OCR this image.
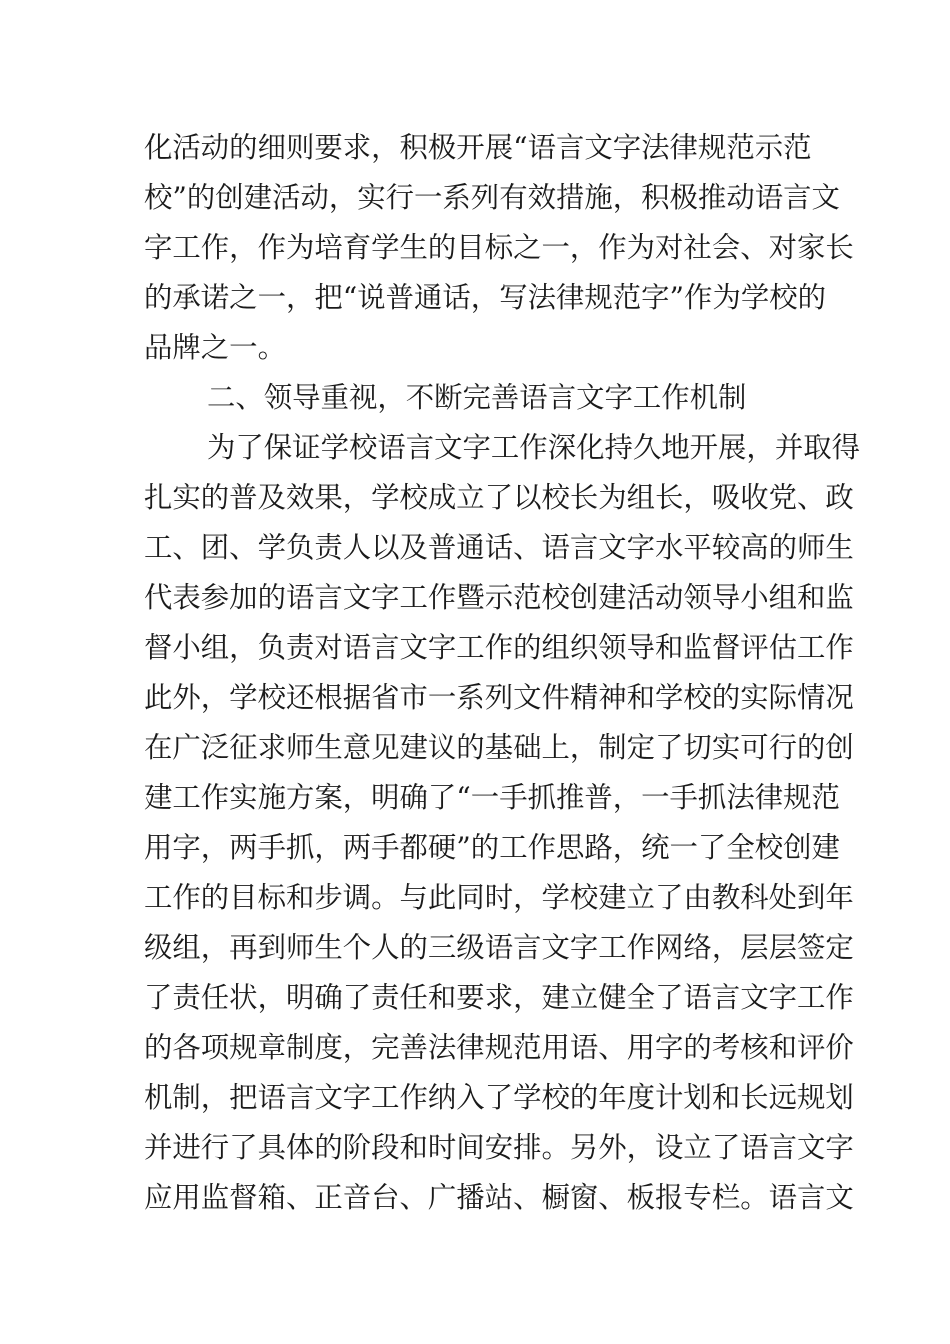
化活动的细则要求，积极开展“语言文字法律规范示范
校”的创建活动，实行一系列有效措施，积极推动语言文
字工作，作为培育学生的目标之一，作为对社会、对家长
的承诺之一，把“说普通话，写法律规范字”作为学校的
品牌之一。
二、领导重视，不断完善语言文字工作机制
为了保证学校语言文字工作深化持久地开展，并取得
扎实的普及效果，学校成立了以校长为组长，吸收党、政
工、团、学负责人以及普通话、语言文字水平较高的师生
代表参加的语言文字工作暨示范校创建活动领导小组和监
督小组，负责对语言文字工作的组织领导和监督评估工作
此外，学校还根据省市一系列文件精神和学校的实际情况
在广泛征求师生意见建议的基础上，制定了切实可行的创
建工作实施方案，明确了“一手抓推普，一手抓法律规范
用字，两手抓，两手都硬”的工作思路，统一了全校创建
工作的目标和步调。与此同时，学校建立了由教科处到年
级组，再到师生个人的三级语言文字工作网络，层层签定
了责任状，明确了责任和要求，建立健全了语言文字工作
的各项规章制度，完善法律规范用语、用字的考核和评价
机制，把语言文字工作纳入了学校的年度计划和长远规划
并进行了具体的阶段和时间安排。另外，设立了语言文字
应用监督箱、正音台、广播站、橱窗、板报专栏。语言文
